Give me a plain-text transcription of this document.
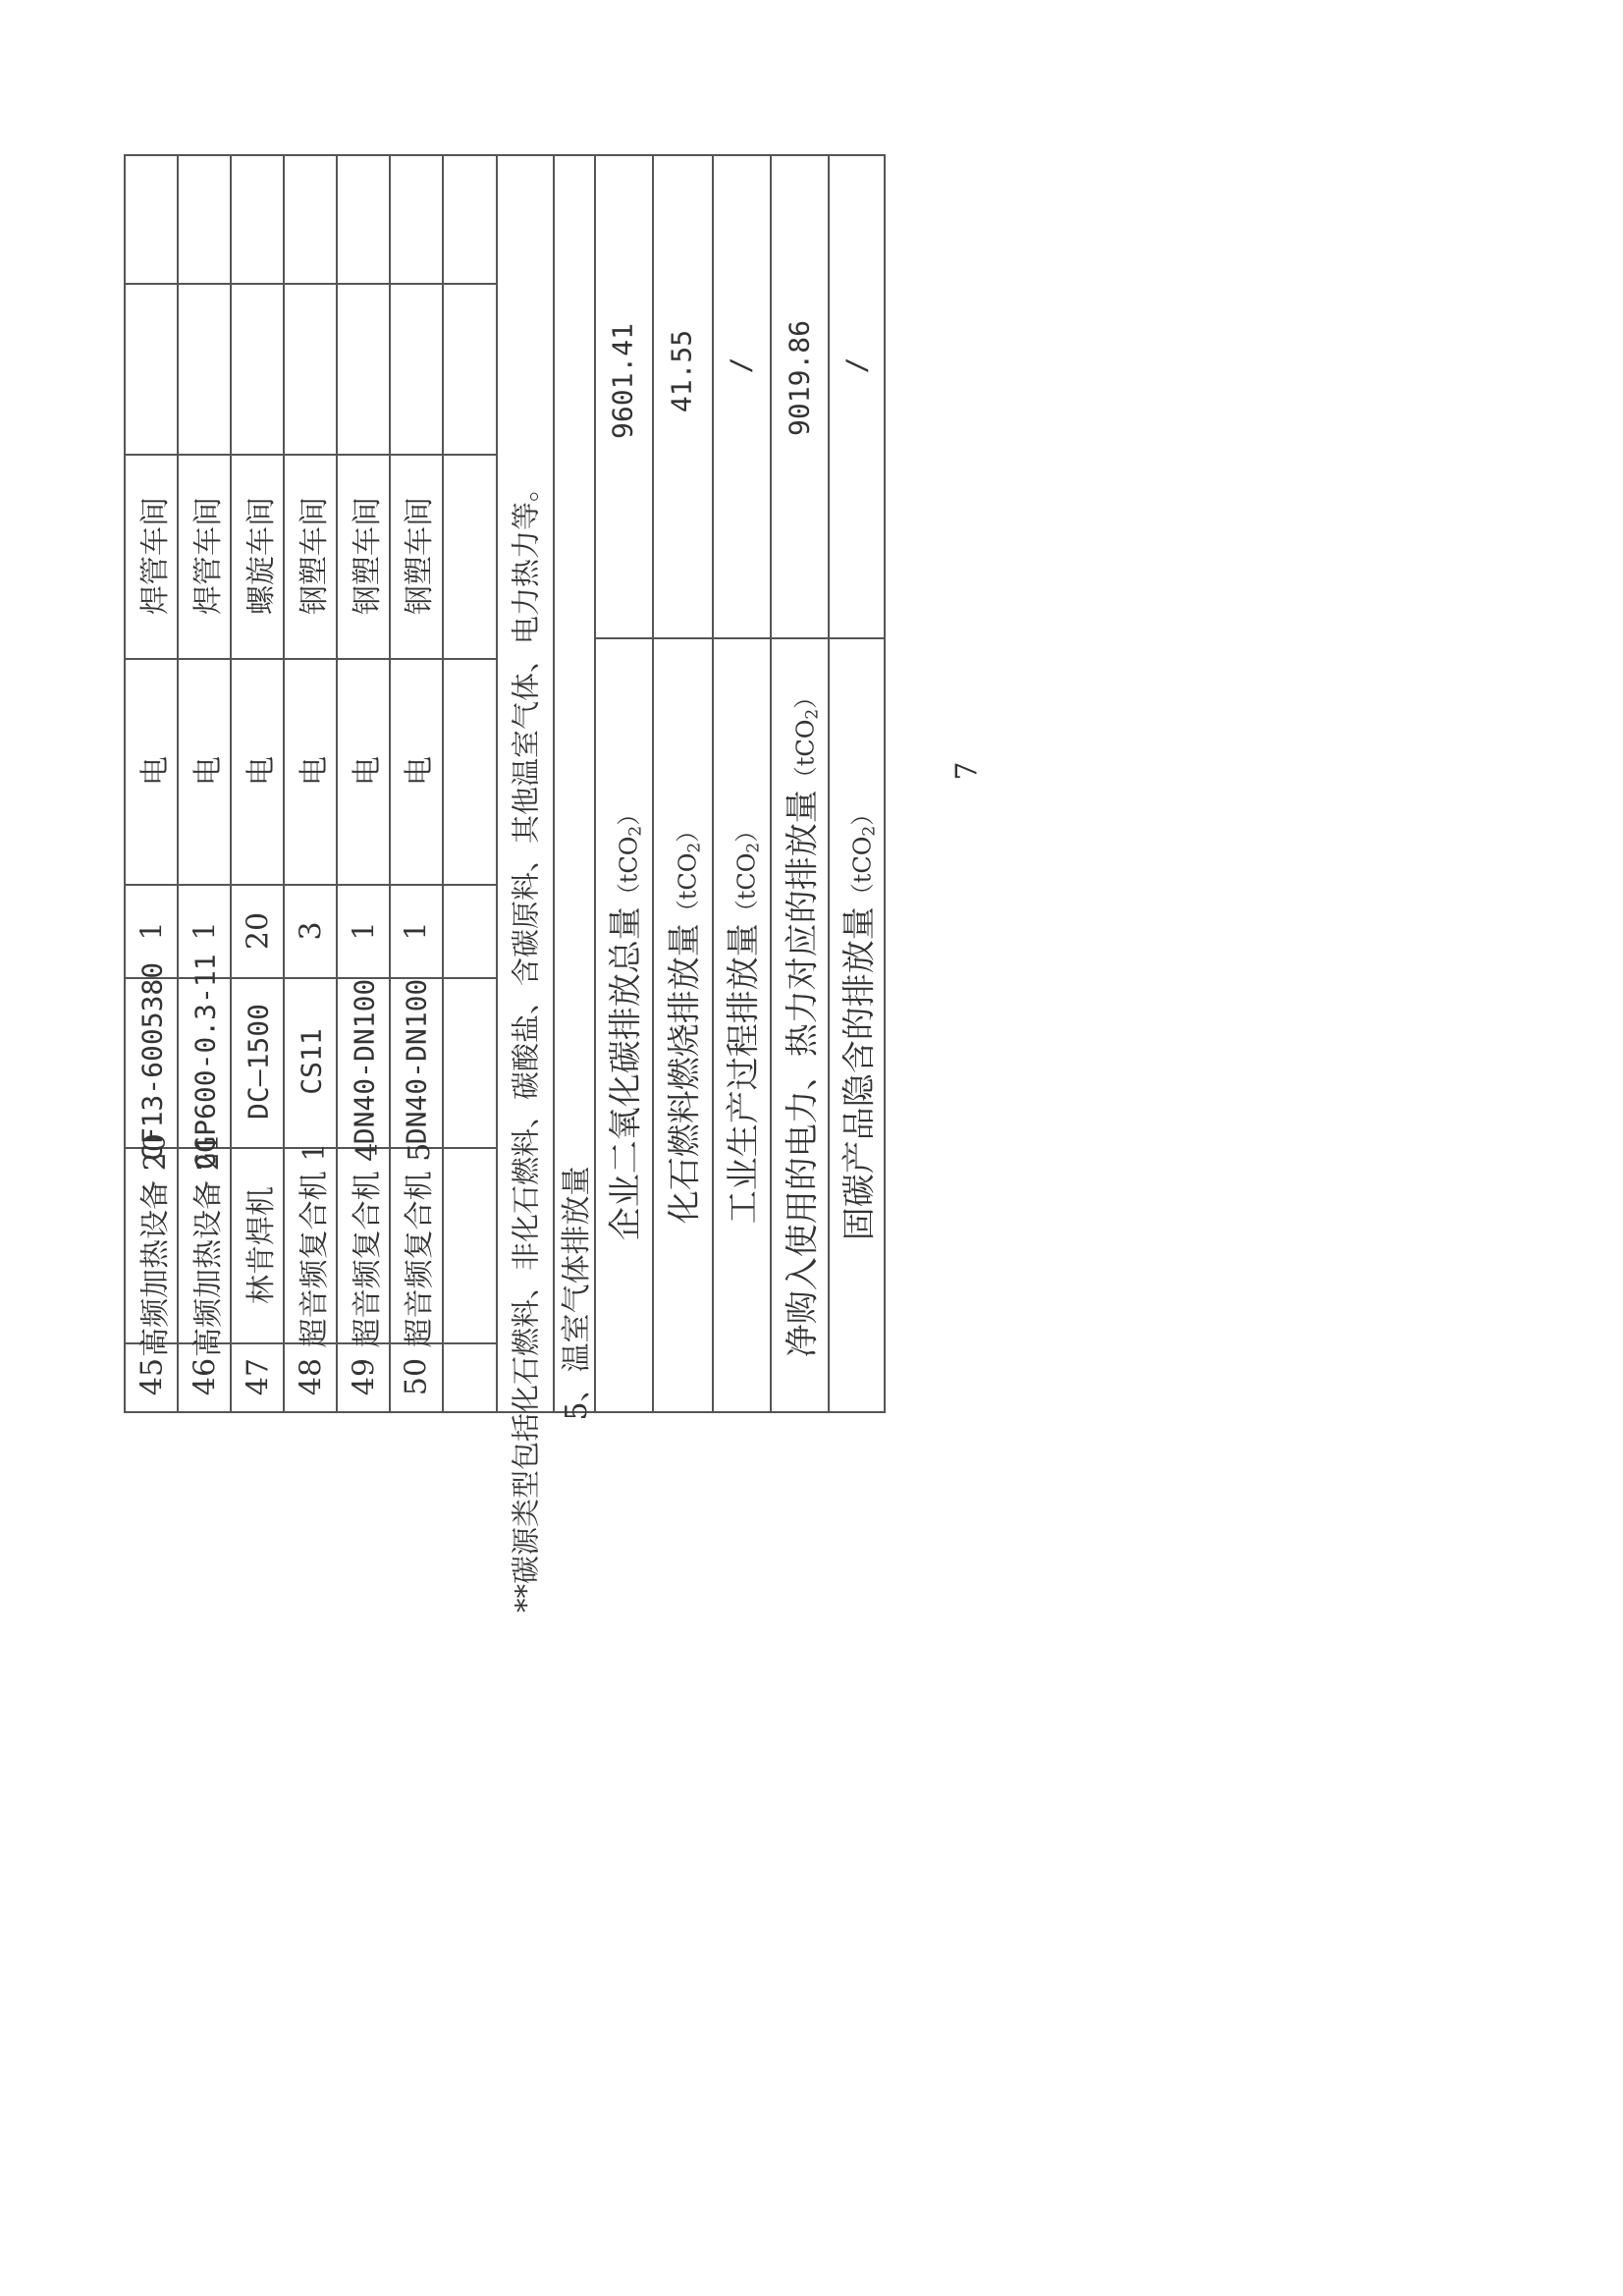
45
高频加热设备 20
CF13-6005380
1
电
焊管车间
46
高频加热设备 21
GGP600-0.3-11
1
电
焊管车间
47
林肯焊机
DC—1500
20
电
螺旋车间
48
超音频复合机 1
CS11
3
电
钢塑车间
49
超音频复合机 4
DN40-DN100
1
电
钢塑车间
50
超音频复合机 5
DN40-DN100
1
电
钢塑车间	**碳源类型包括化石燃料、非化石燃料、碳酸盐、含碳原料、其他温室气体、电力热力等。 5、温室气体排放量
企业二氧化碳排放总量（tCO$_2$）
9601.41
化石燃料燃烧排放量（tCO$_2$）
41.55
工业生产过程排放量（tCO$_2$）
/
净购入使用的电力、热力对应的排放量（tCO$_2$）
9019.86
固碳产品隐含的排放量（tCO$_2$）
/
7
